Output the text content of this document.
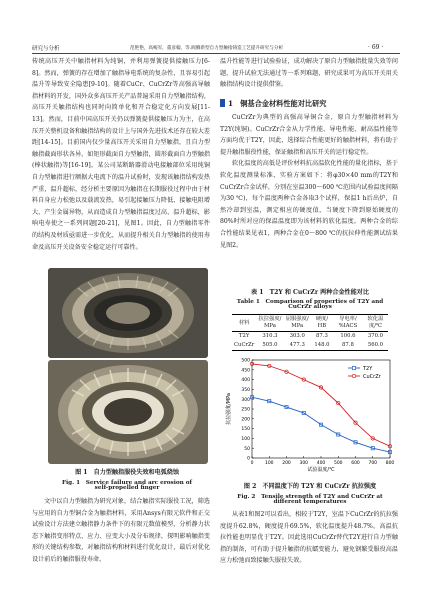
研究与分析	范艳艳，高峻军，董彦翰，等.阀腾新型自力型触指铸造工艺提升研究与分析	· 69 ·

传统高压开关中触指材料为纯铜，并利用弹簧提供接触压力[6-8]。然而，弹簧的存在增加了触指导电系统的复杂性，且容易引起温升等导致安全隐患[9-10]。随着CuCr、CuCrZr等高强高导触指材料的开发，国外众多高压开关产品普遍采用自力型触指结构，高压开关触指结构也同时向简单化和开合稳定化方向发展[11-13]。然而，目前中国高压开关仍以弹簧提供接触压力为主，在高压开关整机设备和触指结构的设计上与国外先进技术还存在较大差距[14-15]。目前国内仅少量高压开关采用自力型触指，且自力型触指截面形状各异，如矩形截面自力型触指，圆形截面自力型触指(棒状触指)等[16-19]。某公司某断路器滑动电接触部位采用纯铜自力型触指进行额据大电流下的温升试验时，发现该触指结构发热严重，温升超标，经分析主要原因为触指在长期服役过程中由于材料自身应力松弛以及载流发热，易引起接触压力降低、接触电阻增大，产生金属异物，从而造成自力型触指温度过高、温升超标，影响电寿使之一系列问题[20-21]，见图1。因此，自力型触指零件的结构及材质亟需进一步优化，从而提升相关自力型触指的使用寿命及高压开关设备安全稳定运行可靠性。

图 1　自力型触指服役失效和电弧烧蚀
Fig. 1　Service failure and arc erosion of
self-propelled finger

文中以自力型触指为研究对象，结合触指实际服役工况，筛选与应用的自力型铜合金为触指材料，采用Ansys有限元软件和正交试验设计方法建立触指静力条件下的有限元数值模型，分析静力状态下触指变形特点，应力、应变大小及分布规律，探明影响触指变形的关键结构参数，对触指结构和材料进行优化设计，最后对优化设计前后的触指服役寿命、

温升性能等进行试验验证，成功解决了原自力型触指批量失效等问题，提升试验无法通过等一系列难题，研究成果可为高压开关用关触指结构设计提供借鉴。

1　铜基合金材料性能对比研究

CuCrZr为典型的高强高导铜合金，原自力型触指材料为T2Y(纯铜)。CuCrZr合金从力学性能、导电性能、耐高温性能等方面均优于T2Y，因此，选择综合性能更好的触指材料，将有助于提升触指服役性能，保证触指和高压开关的运行稳定性。

软化温度的高低是评价材料抗高温软化性能的量化指标，基于软化温度测量标准，实验方案如下：将φ30×40 mm的T2Y和CuCrZr合金试样，分别在室温300～600 ℃范围内试验温度间隔为30 ℃)，每个温度两种合金各取3个试样，保温1 h后出炉，自然冷却到室温，测定相应的硬度值，当硬度下降到原始硬度的80%时所对应的保温温度即为该材料的软化温度。两种合金的综合性能结果见表1，两种合金在0～800 ℃的抗拉伸性能测试结果见图2。

表 1　T2Y 和 CuCrZr 两种合金性能对比
Table 1　Comparison of properties of T2Y and
CuCrZr alloys
材料	抗拉强度/ MPa	屈服强度/ MPa	硬度/ HB	导电率/ %IACS	软化温 度/℃
T2Y	310.3	303.0	87.3	100.6	370.0
CuCrZr	505.0	477.3	148.0	87.8	560.0
0
50
100
150
200
250
300
350
400
450
500
0	100 200 300 400 500 600 700 800
试验温度/℃
抗拉强度/MPa
T2Y
CuCrZr
图 2　不同温度下的 T2Y 和 CuCrZr 抗拉强度
Fig. 2　Tensile strength of T2Y and CuCrZr at
different temperatures

从表1和图2可以看出，相较于T2Y，室温下CuCrZr的抗拉强度提升62.8%，硬度提升69.5%，软化温度提升48.7%，高温抗拉性能也明显优于T2Y。因此选用CuCrZr替代T2Y进行自力型触指的制备，可有助于提升触指的抗蠕变能力，避免钢繁受服役高温应力松弛而致接触失服役失效。
